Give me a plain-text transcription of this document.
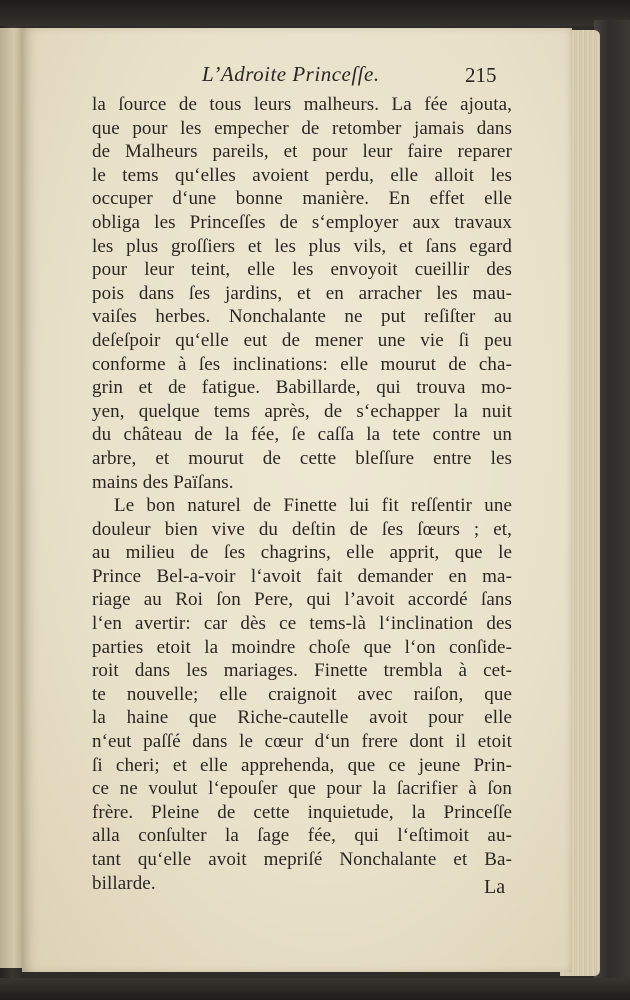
L’Adroite Princeſſe.	215
la ſource de tous leurs malheurs. La fée ajouta,
que pour les empecher de retomber jamais dans
de Malheurs pareils, et pour leur faire reparer
le tems qu‘elles avoient perdu, elle alloit les
occuper d‘une bonne manière. En effet elle
obliga les Princeſſes de s‘employer aux travaux
les plus groſſiers et les plus vils, et ſans egard
pour leur teint, elle les envoyoit cueillir des
pois dans ſes jardins, et en arracher les mau-
vaiſes herbes. Nonchalante ne put reſiſter au
deſeſpoir qu‘elle eut de mener une vie ſi peu
conforme à ſes inclinations: elle mourut de cha-
grin et de fatigue. Babillarde, qui trouva mo-
yen, quelque tems après, de s‘echapper la nuit
du château de la fée, ſe caſſa la tete contre un
arbre, et mourut de cette bleſſure entre les
mains des Païſans.
Le bon naturel de Finette lui fit reſſentir une
douleur bien vive du deſtin de ſes ſœurs ; et,
au milieu de ſes chagrins, elle apprit, que le
Prince Bel-a-voir l‘avoit fait demander en ma-
riage au Roi ſon Pere, qui l’avoit accordé ſans
l‘en avertir: car dès ce tems-là l‘inclination des
parties etoit la moindre choſe que l‘on conſide-
roit dans les mariages. Finette trembla à cet-
te nouvelle; elle craignoit avec raiſon, que
la haine que Riche-cautelle avoit pour elle
n‘eut paſſé dans le cœur d‘un frere dont il etoit
ſi cheri; et elle apprehenda, que ce jeune Prin-
ce ne voulut l‘epouſer que pour la ſacrifier à ſon
frère. Pleine de cette inquietude, la Princeſſe
alla conſulter la ſage fée, qui l‘eſtimoit au-
tant qu‘elle avoit mepriſé Nonchalante et Ba-
billarde.	La
